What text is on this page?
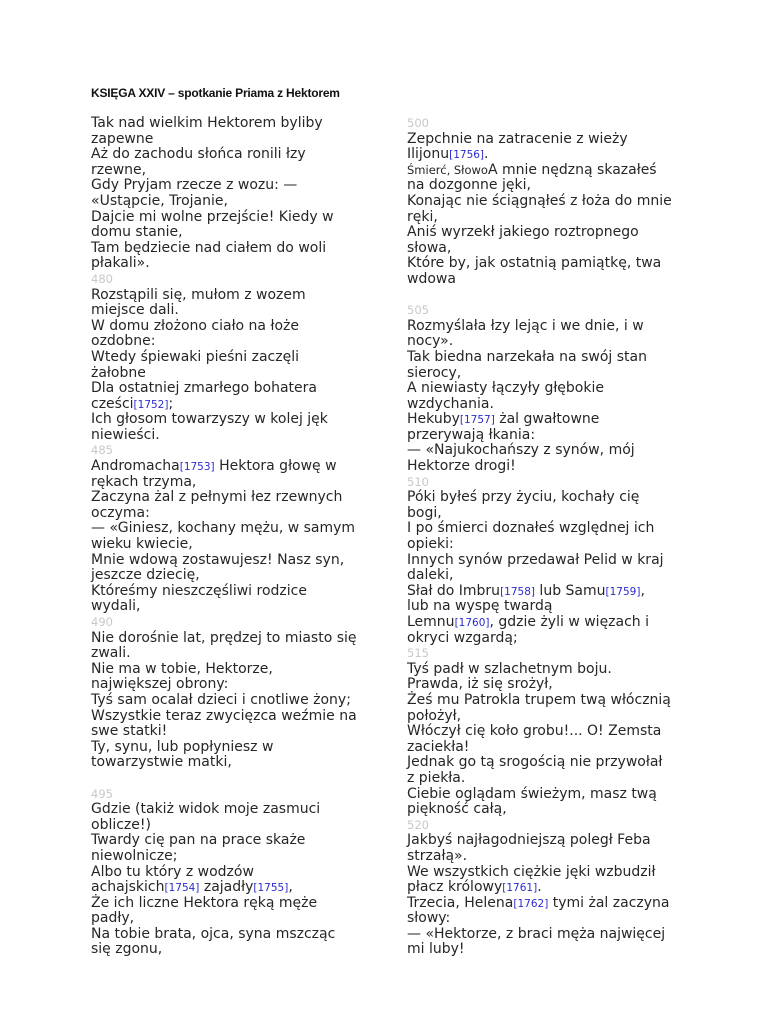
KSIĘGA XXIV – spotkanie Priama z Hektorem
Tak nad wielkim Hektorem byliby
zapewne
Aż do zachodu słońca ronili łzy
rzewne,
Gdy Pryjam rzecze z wozu: —
«Ustąpcie, Trojanie,
Dajcie mi wolne przejście! Kiedy w
domu stanie,
Tam będziecie nad ciałem do woli
płakali».
480
Rozstąpili się, mułom z wozem
miejsce dali.
W domu złożono ciało na łoże
ozdobne:
Wtedy śpiewaki pieśni zaczęli
żałobne
Dla ostatniej zmarłego bohatera
cześci[1752];
Ich głosom towarzyszy w kolej jęk
niewieści.
485
Andromacha[1753] Hektora głowę w
rękach trzyma,
Zaczyna żal z pełnymi łez rzewnych
oczyma:
— «Giniesz, kochany mężu, w samym
wieku kwiecie,
Mnie wdową zostawujesz! Nasz syn,
jeszcze dziecię,
Któreśmy nieszczęśliwi rodzice
wydali,
490
Nie dorośnie lat, prędzej to miasto się
zwali.
Nie ma w tobie, Hektorze,
największej obrony:
Tyś sam ocalał dzieci i cnotliwe żony;
Wszystkie teraz zwycięzca weźmie na
swe statki!
Ty, synu, lub popłyniesz w
towarzystwie matki,
495
Gdzie (takiż widok moje zasmuci
oblicze!)
Twardy cię pan na prace skaże
niewolnicze;
Albo tu który z wodzów
achajskich[1754] zajadły[1755],
Że ich liczne Hektora ręką męże
padły,
Na tobie brata, ojca, syna mszcząc
się zgonu,
500
Zepchnie na zatracenie z wieży
Ilijonu[1756].
Śmierć, SłowoA mnie nędzną skazałeś
na dozgonne jęki,
Konając nie ściągnąłeś z łoża do mnie
ręki,
Aniś wyrzekł jakiego roztropnego
słowa,
Które by, jak ostatnią pamiątkę, twa
wdowa
505
Rozmyślała łzy lejąc i we dnie, i w
nocy».
Tak biedna narzekała na swój stan
sierocy,
A niewiasty łączyły głębokie
wzdychania.
Hekuby[1757] żal gwałtowne
przerywają łkania:
— «Najukochańszy z synów, mój
Hektorze drogi!
510
Póki byłeś przy życiu, kochały cię
bogi,
I po śmierci doznałeś względnej ich
opieki:
Innych synów przedawał Pelid w kraj
daleki,
Słał do Imbru[1758] lub Samu[1759],
lub na wyspę twardą
Lemnu[1760], gdzie żyli w więzach i
okryci wzgardą;
515
Tyś padł w szlachetnym boju.
Prawda, iż się srożył,
Żeś mu Patrokla trupem twą włócznią
położył,
Włóczył cię koło grobu!... O! Zemsta
zaciekła!
Jednak go tą srogością nie przywołał
z piekła.
Ciebie oglądam świeżym, masz twą
piękność całą,
520
Jakbyś najłagodniejszą poległ Feba
strzałą».
We wszystkich ciężkie jęki wzbudził
płacz królowy[1761].
Trzecia, Helena[1762] tymi żal zaczyna
słowy:
— «Hektorze, z braci męża najwięcej
mi luby!
